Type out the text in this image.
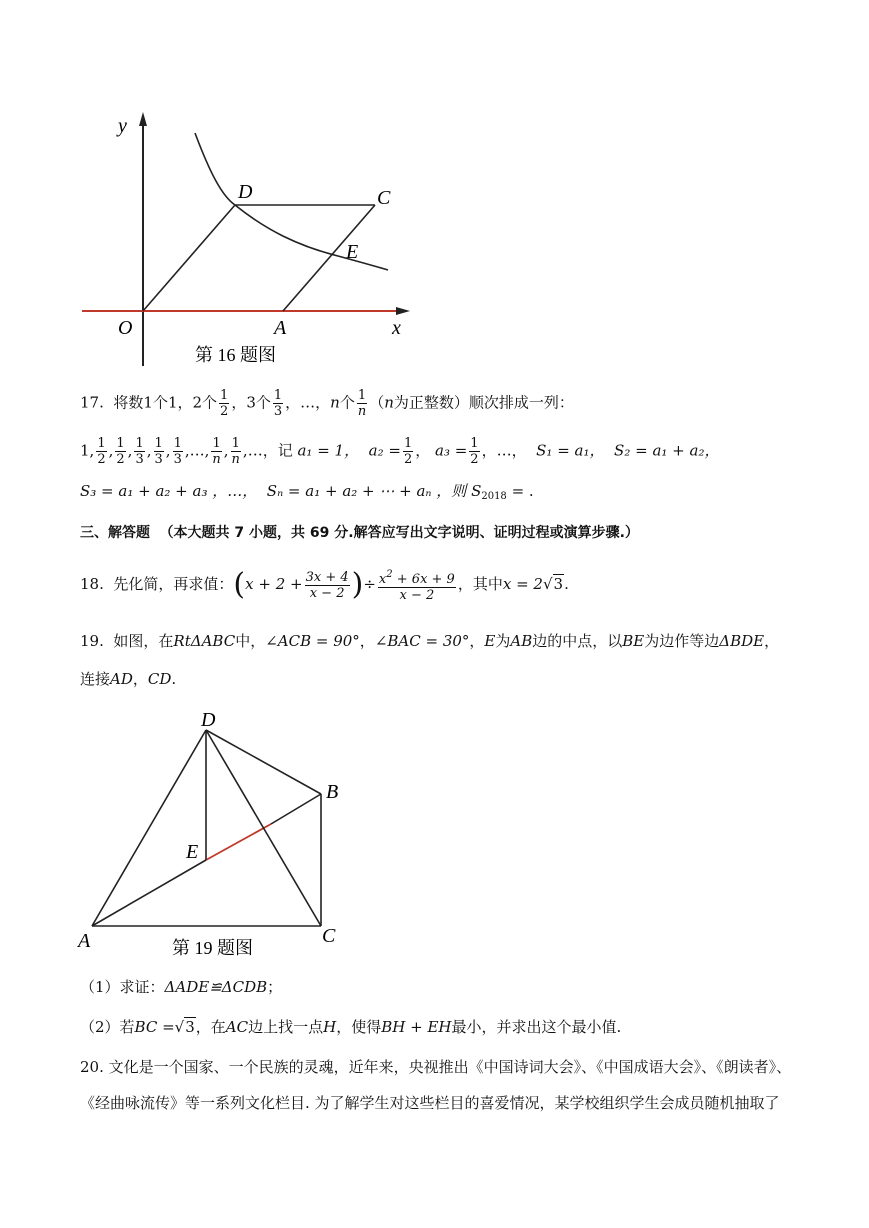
y
x
O	A
C
D
E
第 16 题图
17. 将数1个1，2个 $\frac{1}{2}$ ，3个 $\frac{1}{3}$ ，…，n个 $\frac{1}{n} (n$为正整数）顺次排成一列：
1, $\frac{1}{2}$ , $\frac{1}{2}$ , $\frac{1}{3}$ , $\frac{1}{3}$ , $\frac{1}{3}$ ,…, $\frac{1}{n}$ , $\frac{1}{n}$ ,…，记 a₁ = 1， $a_2 = \frac{1}{2}$ ， $a_3 = \frac{1}{2}$ ，…， S₁ = a₁， S₂ = a₁ + a₂，
S₃ = a₁ + a₂ + a₃ ，…， Sₙ = a₁ + a₂ + ⋯ + aₙ ，则 $S_{2018}$ = .
三、解答题 （本大题共 7 小题，共 69 分.解答应写出文字说明、证明过程或演算步骤.）
18. 先化简，再求值：($x + 2 + \frac{3x + 4}{x - 2}$ )÷ $\frac{x^2 + 6x + 9}{x - 2}$ ，其中x = 2√3.
19. 如图，在RtΔABC中，∠ACB = 90°，∠BAC = 30°，E为AB边的中点，以BE为边作等边ΔBDE，
连接AD，CD.
D
B
E
A	C
第 19 题图
（1）求证：ΔADE≌ΔCDB；
（2）若BC =√3，在AC边上找一点H，使得BH + EH最小，并求出这个最小值.
20. 文化是一个国家、一个民族的灵魂，近年来，央视推出《中国诗词大会》、《中国成语大会》、《朗读者》、
《经曲咏流传》等一系列文化栏目. 为了解学生对这些栏目的喜爱情况，某学校组织学生会成员随机抽取了
